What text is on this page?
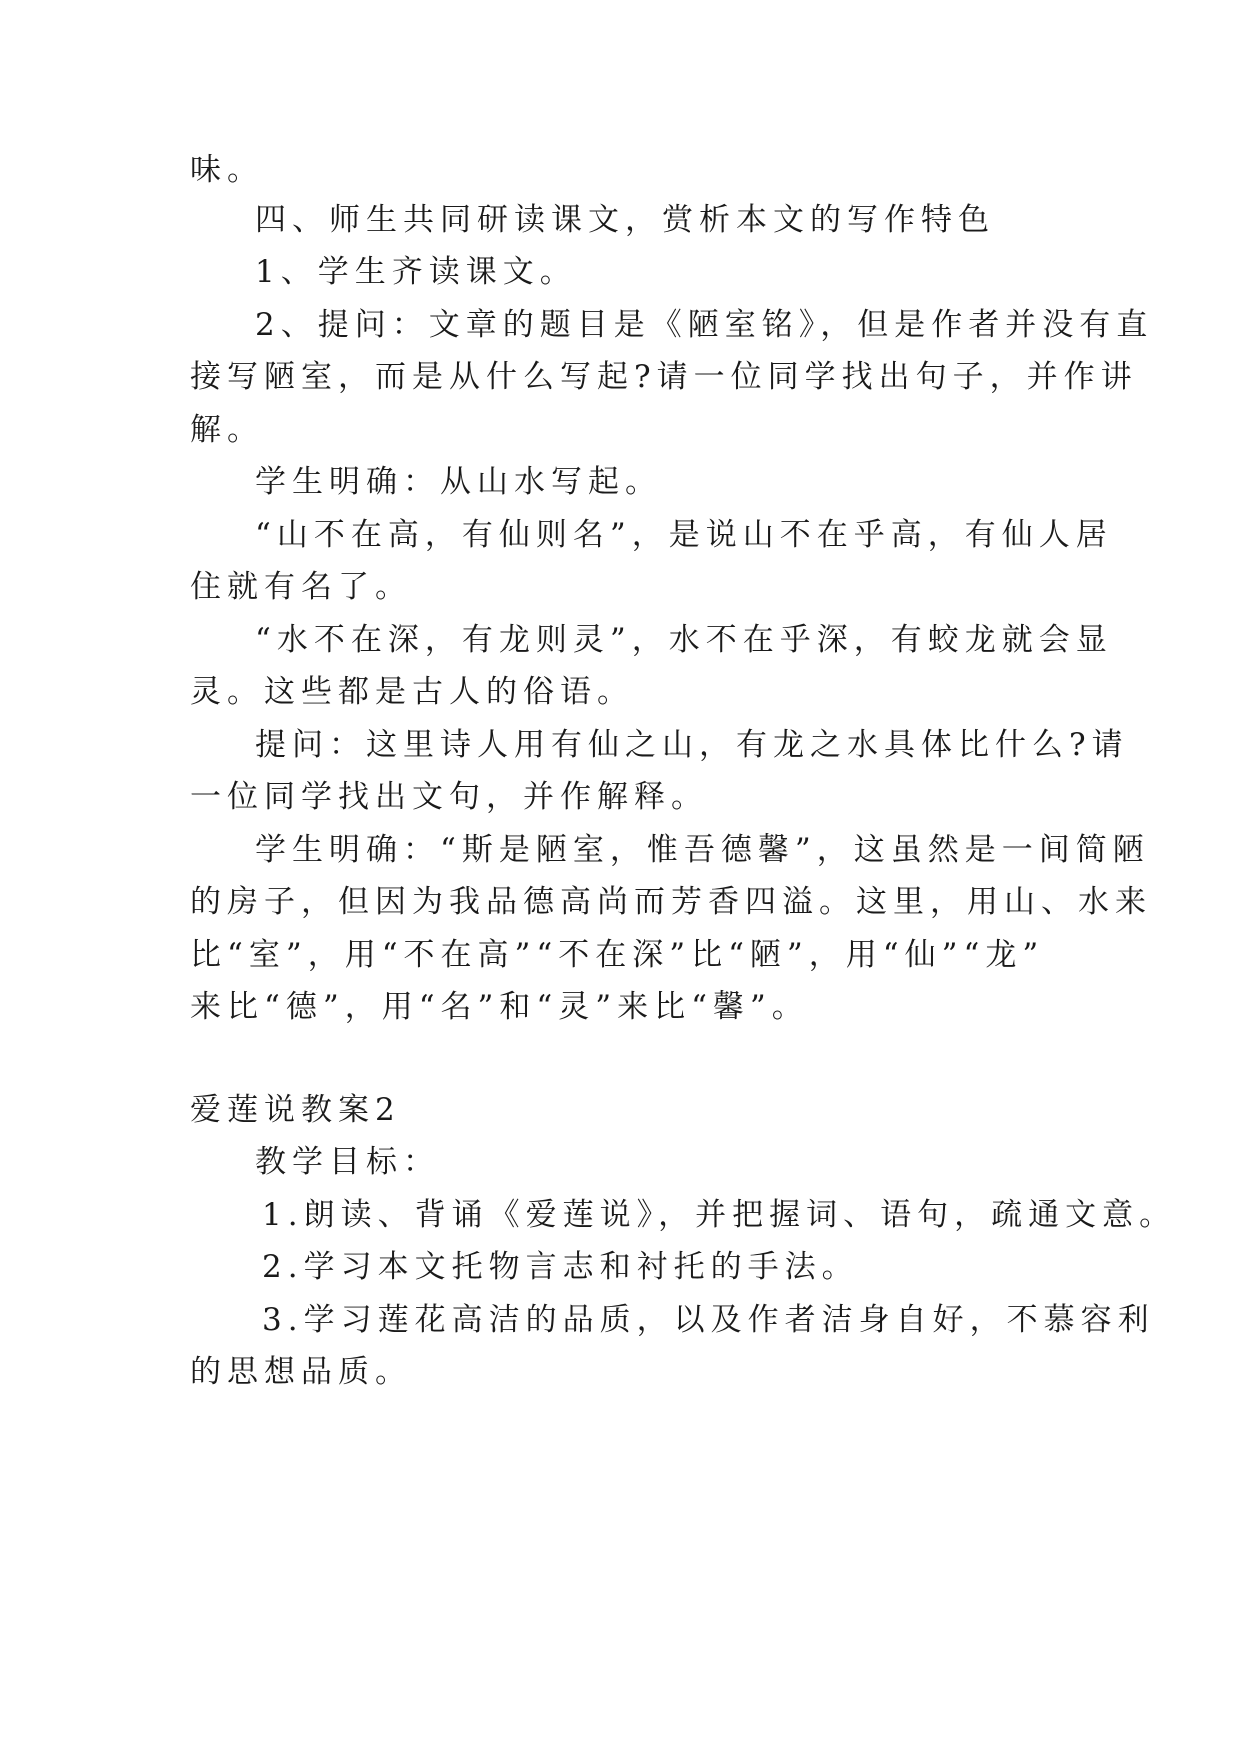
味。
四、师生共同研读课文，赏析本文的写作特色
1、学生齐读课文。
2、提问：文章的题目是《陋室铭》，但是作者并没有直
接写陋室，而是从什么写起?请一位同学找出句子，并作讲
解。
学生明确：从山水写起。
“山不在高，有仙则名”，是说山不在乎高，有仙人居
住就有名了。
“水不在深，有龙则灵”，水不在乎深，有蛟龙就会显
灵。这些都是古人的俗语。
提问：这里诗人用有仙之山，有龙之水具体比什么?请
一位同学找出文句，并作解释。
学生明确：“斯是陋室，惟吾德馨”，这虽然是一间简陋
的房子，但因为我品德高尚而芳香四溢。这里，用山、水来
比“室”，用“不在高”“不在深”比“陋”，用“仙”“龙”
来比“德”，用“名”和“灵”来比“馨”。
爱莲说教案2
教学目标：
1.朗读、背诵《爱莲说》，并把握词、语句，疏通文意。
2.学习本文托物言志和衬托的手法。
3.学习莲花高洁的品质，以及作者洁身自好，不慕容利
的思想品质。
